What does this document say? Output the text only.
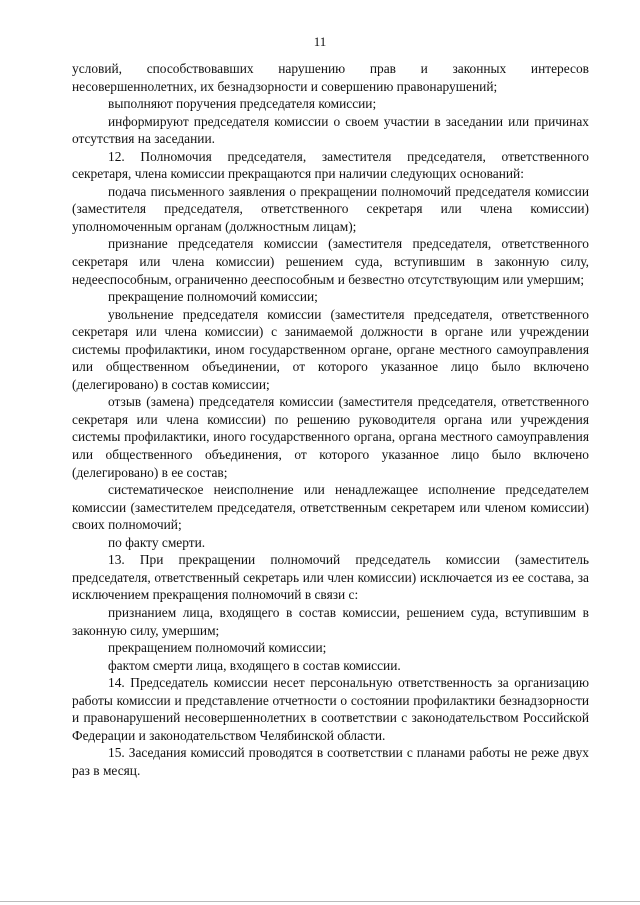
11

условий, способствовавших нарушению прав и законных интересов несовершеннолетних, их безнадзорности и совершению правонарушений;

выполняют поручения председателя комиссии;

информируют председателя комиссии о своем участии в заседании или причинах отсутствия на заседании.

12. Полномочия председателя, заместителя председателя, ответственного секретаря, члена комиссии прекращаются при наличии следующих оснований:

подача письменного заявления о прекращении полномочий председателя комиссии (заместителя председателя, ответственного секретаря или члена комиссии) уполномоченным органам (должностным лицам);

признание председателя комиссии (заместителя председателя, ответственного секретаря или члена комиссии) решением суда, вступившим в законную силу, недееспособным, ограниченно дееспособным и безвестно отсутствующим или умершим;

прекращение полномочий комиссии;

увольнение председателя комиссии (заместителя председателя, ответственного секретаря или члена комиссии) с занимаемой должности в органе или учреждении системы профилактики, ином государственном органе, органе местного самоуправления или общественном объединении, от которого указанное лицо было включено (делегировано) в состав комиссии;

отзыв (замена) председателя комиссии (заместителя председателя, ответственного секретаря или члена комиссии) по решению руководителя органа или учреждения системы профилактики, иного государственного органа, органа местного самоуправления или общественного объединения, от которого указанное лицо было включено (делегировано) в ее состав;

систематическое неисполнение или ненадлежащее исполнение председателем комиссии (заместителем председателя, ответственным секретарем или членом комиссии) своих полномочий;

по факту смерти.

13. При прекращении полномочий председатель комиссии (заместитель председателя, ответственный секретарь или член комиссии) исключается из ее состава, за исключением прекращения полномочий в связи с:

признанием лица, входящего в состав комиссии, решением суда, вступившим в законную силу, умершим;

прекращением полномочий комиссии;

фактом смерти лица, входящего в состав комиссии.

14. Председатель комиссии несет персональную ответственность за организацию работы комиссии и представление отчетности о состоянии профилактики безнадзорности и правонарушений несовершеннолетних в соответствии с законодательством Российской Федерации и законодательством Челябинской области.

15. Заседания комиссий проводятся в соответствии с планами работы не реже двух раз в месяц.
